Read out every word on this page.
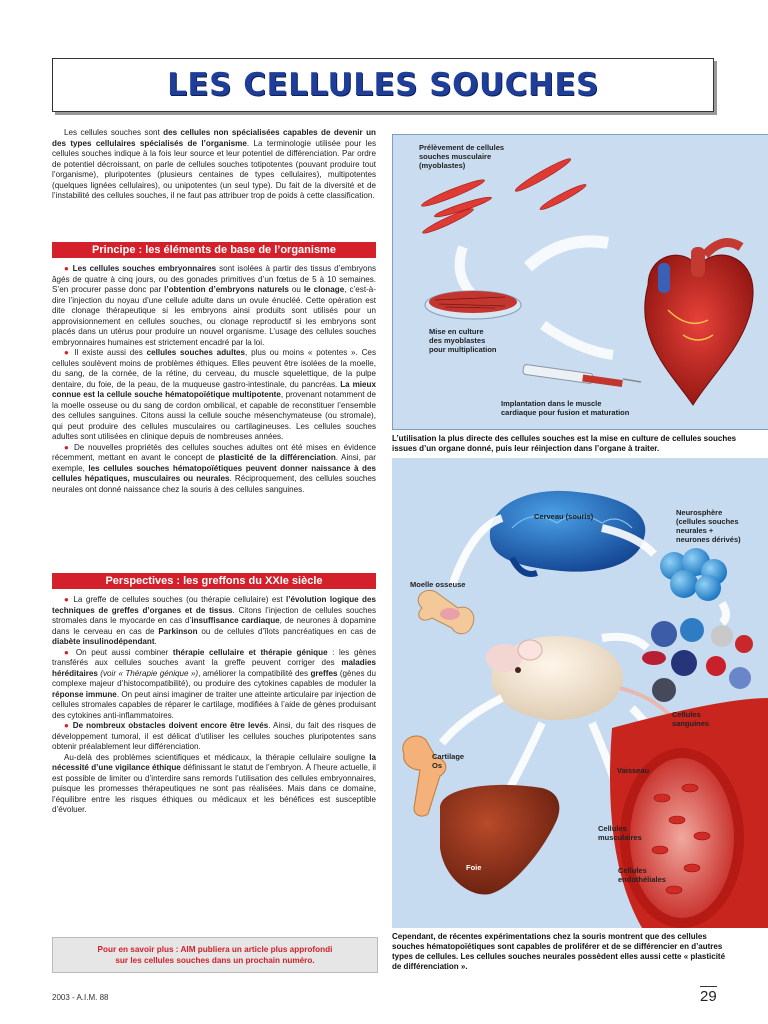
LES CELLULES SOUCHES

Les cellules souches sont des cellules non spécialisées capables de devenir un des types cellulaires spécialisés de l’organisme. La terminologie utilisée pour les cellules souches indique à la fois leur source et leur potentiel de différenciation. Par ordre de potentiel décroissant, on parle de cellules souches totipotentes (pouvant produire tout l’organisme), pluripotentes (plusieurs centaines de types cellulaires), multipotentes (quelques lignées cellulaires), ou unipotentes (un seul type). Du fait de la diversité et de l’instabilité des cellules souches, il ne faut pas attribuer trop de poids à cette classification.

Principe : les éléments de base de l’organisme

● Les cellules souches embryonnaires sont isolées à partir des tissus d’embryons âgés de quatre à cinq jours, ou des gonades primitives d’un fœtus de 5 à 10 semaines. S’en procurer passe donc par l’obtention d’embryons naturels ou le clonage, c’est-à-dire l’injection du noyau d’une cellule adulte dans un ovule énucléé. Cette opération est dite clonage thérapeutique si les embryons ainsi produits sont utilisés pour un approvisionnement en cellules souches, ou clonage reproductif si les embryons sont placés dans un utérus pour produire un nouvel organisme. L’usage des cellules souches embryonnaires humaines est strictement encadré par la loi.

● Il existe aussi des cellules souches adultes, plus ou moins « potentes ». Ces cellules soulèvent moins de problèmes éthiques. Elles peuvent être isolées de la moelle, du sang, de la cornée, de la rétine, du cerveau, du muscle squelettique, de la pulpe dentaire, du foie, de la peau, de la muqueuse gastro-intestinale, du pancréas. La mieux connue est la cellule souche hématopoïétique multipotente, provenant notamment de la moelle osseuse ou du sang de cordon ombilical, et capable de reconstituer l’ensemble des cellules sanguines. Citons aussi la cellule souche mésenchymateuse (ou stromale), qui peut produire des cellules musculaires ou cartilagineuses. Les cellules souches adultes sont utilisées en clinique depuis de nombreuses années.

● De nouvelles propriétés des cellules souches adultes ont été mises en évidence récemment, mettant en avant le concept de plasticité de la différenciation. Ainsi, par exemple, les cellules souches hématopoïétiques peuvent donner naissance à des cellules hépatiques, musculaires ou neurales. Réciproquement, des cellules souches neurales ont donné naissance chez la souris à des cellules sanguines.

Perspectives : les greffons du XXIe siècle

● La greffe de cellules souches (ou thérapie cellulaire) est l’évolution logique des techniques de greffes d’organes et de tissus. Citons l’injection de cellules souches stromales dans le myocarde en cas d’insuffisance cardiaque, de neurones à dopamine dans le cerveau en cas de Parkinson ou de cellules d’îlots pancréatiques en cas de diabète insulinodépendant.

● On peut aussi combiner thérapie cellulaire et thérapie génique : les gènes transférés aux cellules souches avant la greffe peuvent corriger des maladies héréditaires (voir « Thérapie génique »), améliorer la compatibilité des greffes (gènes du complexe majeur d’histocompatibilité), ou produire des cytokines capables de moduler la réponse immune. On peut ainsi imaginer de traiter une atteinte articulaire par injection de cellules stromales capables de réparer le cartilage, modifiées à l’aide de gènes produisant des cytokines anti-inflammatoires.

● De nombreux obstacles doivent encore être levés. Ainsi, du fait des risques de développement tumoral, il est délicat d’utiliser les cellules souches pluripotentes sans obtenir préalablement leur différenciation.

Au-delà des problèmes scientifiques et médicaux, la thérapie cellulaire souligne la nécessité d’une vigilance éthique définissant le statut de l’embryon. À l’heure actuelle, il est possible de limiter ou d’interdire sans remords l’utilisation des cellules embryonnaires, puisque les promesses thérapeutiques ne sont pas réalisées. Mais dans ce domaine, l’équilibre entre les risques éthiques ou médicaux et les bénéfices est susceptible d’évoluer.

Pour en savoir plus : AIM publiera un article plus approfondi
sur les cellules souches dans un prochain numéro.
2003 - A.I.M. 88	29
Prélèvement de cellules
souches musculaire
(myoblastes)
Mise en culture
des myoblastes
pour multiplication
Implantation dans le muscle
cardiaque pour fusion et maturation
L’utilisation la plus directe des cellules souches est la mise en culture de cellules souches
issues d’un organe donné, puis leur réinjection dans l’organe à traiter.
Cerveau (souris)	Neurosphère
(cellules souches
neurales +
neurones dérivés)
Moelle osseuse
Cellules
sanguines
Cartilage
Os
Vaisseau
Cellules
musculaires
Foie	Cellules
endothéliales
Cependant, de récentes expérimentations chez la souris montrent que des cellules
souches hématopoïétiques sont capables de proliférer et de se différencier en d’autres
types de cellules. Les cellules souches neurales possèdent elles aussi cette « plasticité
de différenciation ».
